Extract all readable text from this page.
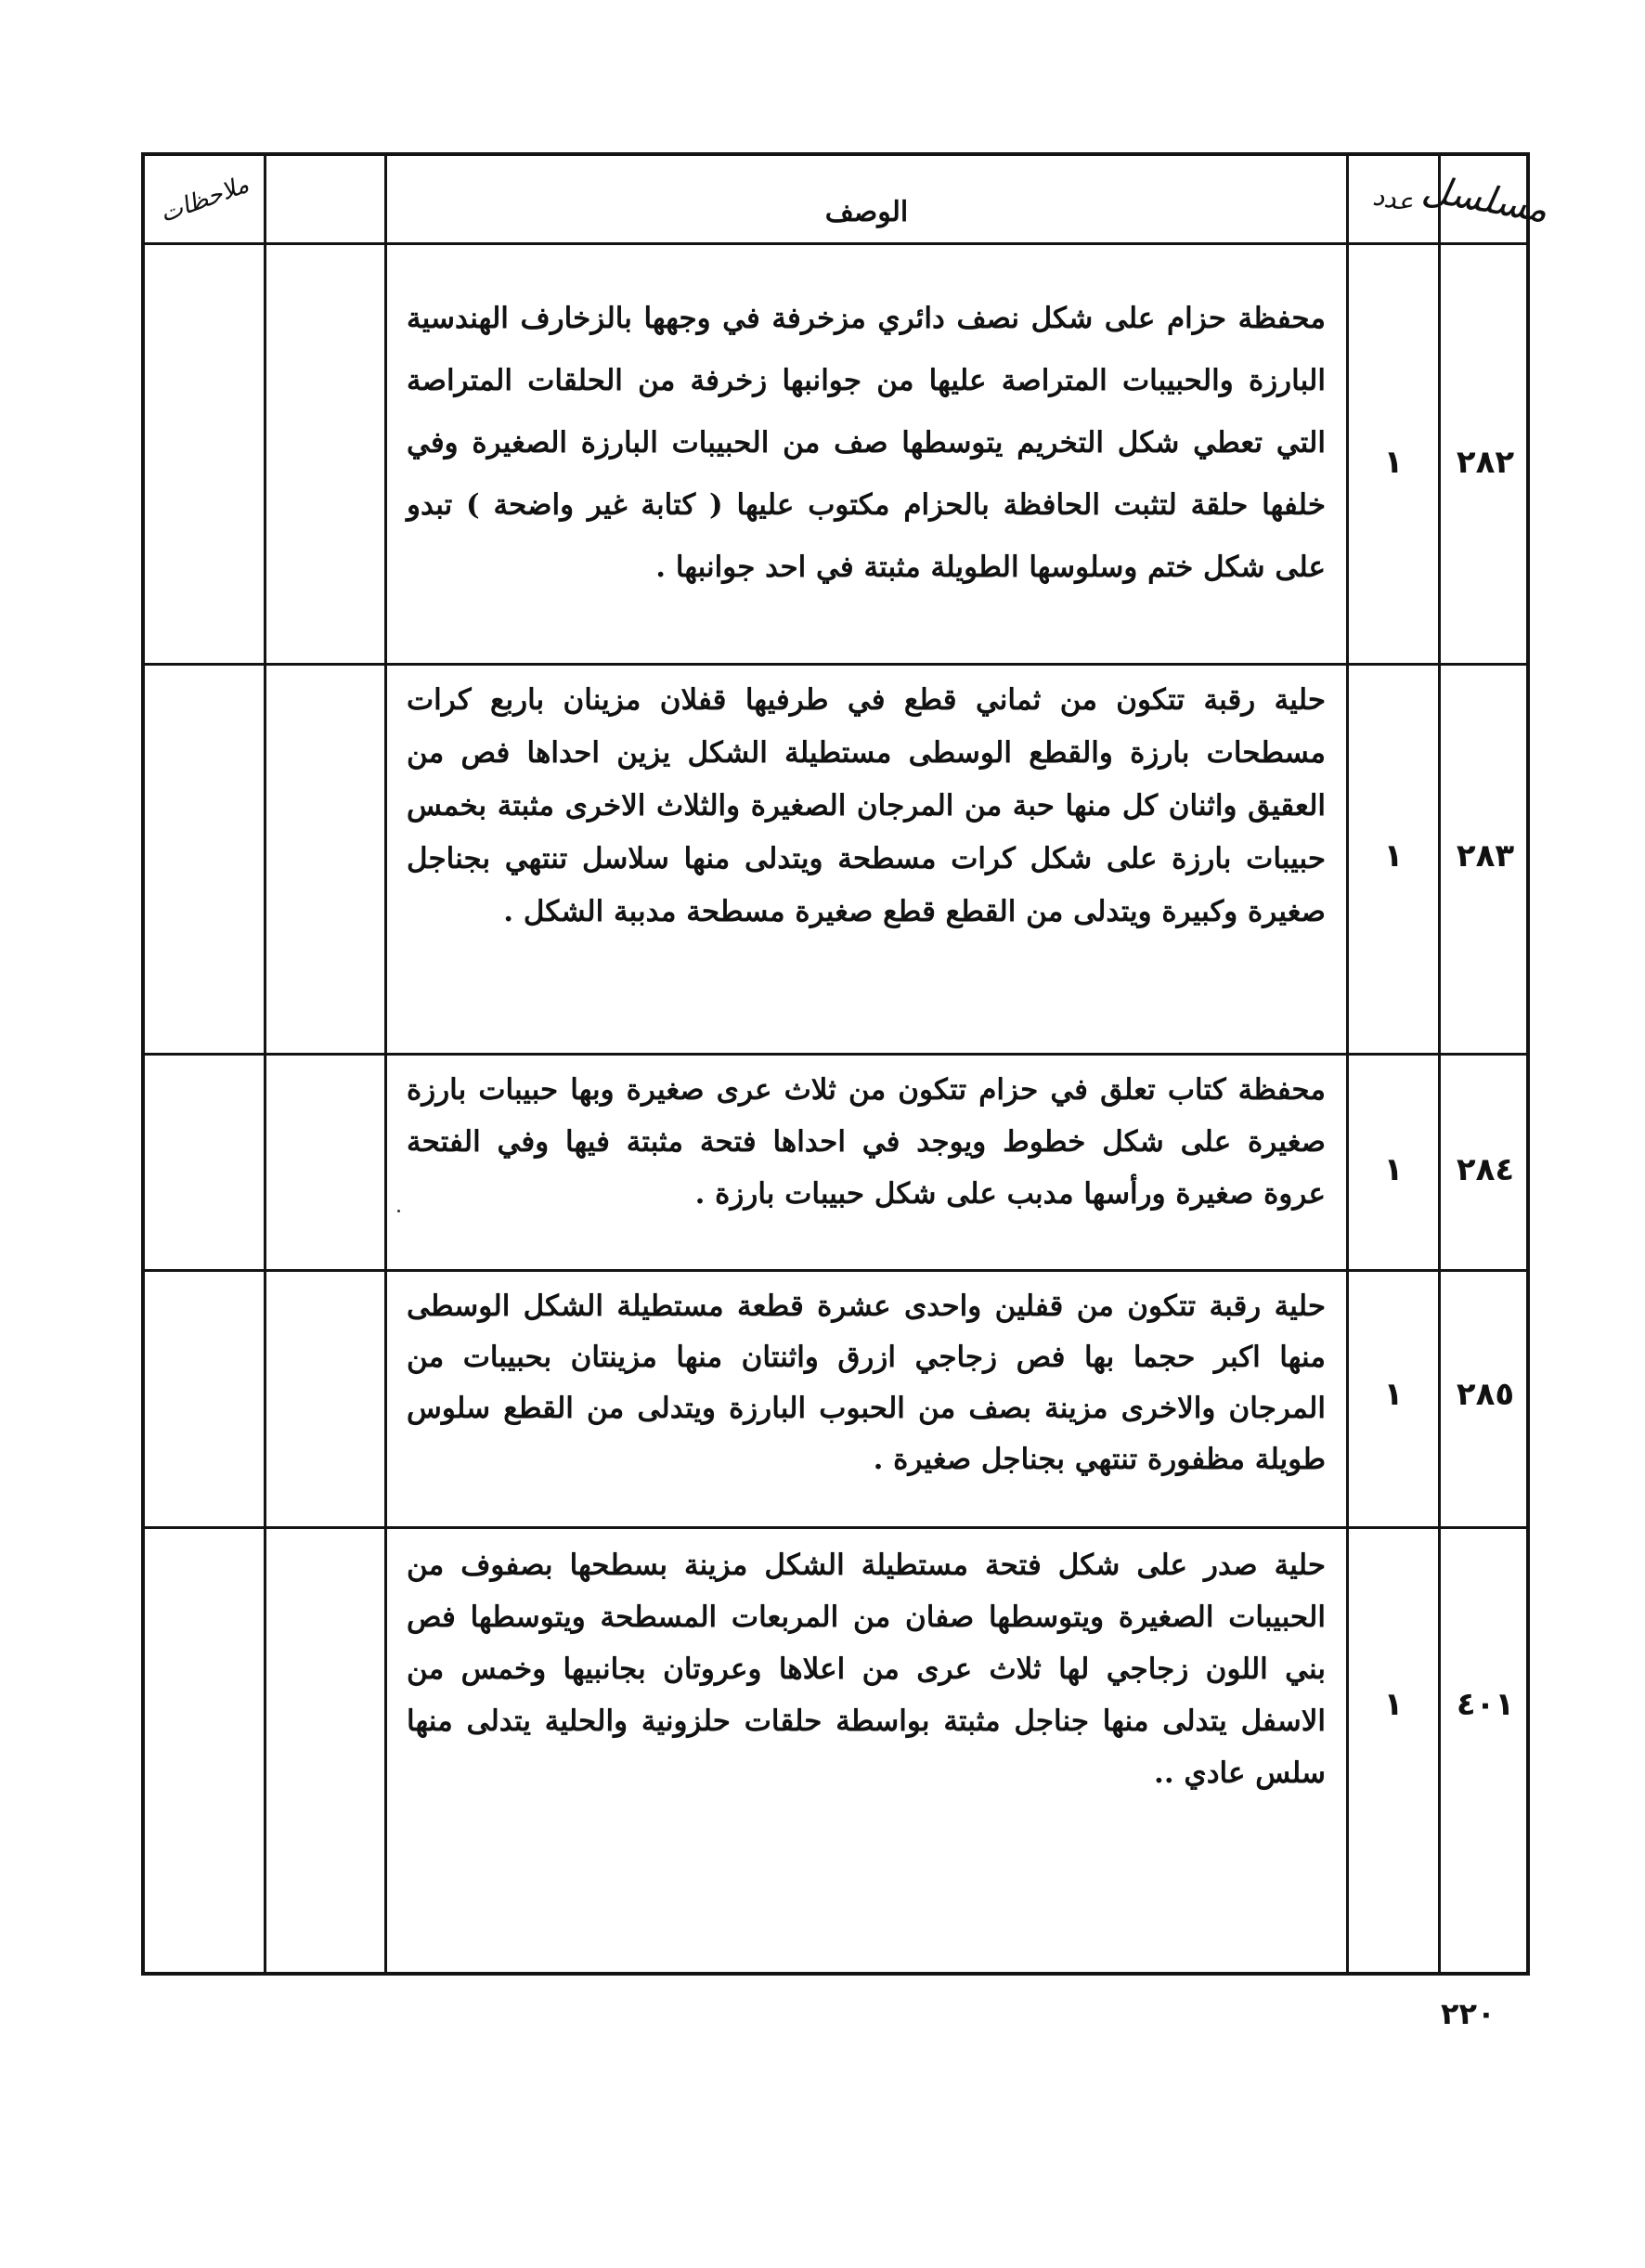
مسلسل
عدد
الوصف
ملاحظات
٢٨٢
١
محفظة حزام على شكل نصف دائري مزخرفة في وجهها بالزخارف الهندسية البارزة والحبيبات المتراصة عليها من جوانبها زخرفة من الحلقات المتراصة التي تعطي شكل التخريم يتوسطها صف من الحبيبات البارزة الصغيرة وفي خلفها حلقة لتثبت الحافظة بالحزام مكتوب عليها ( كتابة غير واضحة ) تبدو على شكل ختم وسلوسها الطويلة مثبتة في احد جوانبها .
٢٨٣
١
حلية رقبة تتكون من ثماني قطع في طرفيها قفلان مزينان باربع كرات مسطحات بارزة والقطع الوسطى مستطيلة الشكل يزين احداها فص من العقيق واثنان كل منها حبة من المرجان الصغيرة والثلاث الاخرى مثبتة بخمس حبيبات بارزة على شكل كرات مسطحة ويتدلى منها سلاسل تنتهي بجناجل صغيرة وكبيرة ويتدلى من القطع قطع صغيرة مسطحة مدببة الشكل .
٢٨٤
١
محفظة كتاب تعلق في حزام تتكون من ثلاث عرى صغيرة وبها حبيبات بارزة صغيرة على شكل خطوط ويوجد في احداها فتحة مثبتة فيها وفي الفتحة عروة صغيرة ورأسها مدبب على شكل حبيبات بارزة .
٢٨٥
١
حلية رقبة تتكون من قفلين واحدى عشرة قطعة مستطيلة الشكل الوسطى منها اكبر حجما بها فص زجاجي ازرق واثنتان منها مزينتان بحبيبات من المرجان والاخرى مزينة بصف من الحبوب البارزة ويتدلى من القطع سلوس طويلة مظفورة تنتهي بجناجل صغيرة .
٤٠١
١
حلية صدر على شكل فتحة مستطيلة الشكل مزينة بسطحها بصفوف من الحبيبات الصغيرة ويتوسطها صفان من المربعات المسطحة ويتوسطها فص بني اللون زجاجي لها ثلاث عرى من اعلاها وعروتان بجانبيها وخمس من الاسفل يتدلى منها جناجل مثبتة بواسطة حلقات حلزونية والحلية يتدلى منها سلس عادي ..
٢٢٠
